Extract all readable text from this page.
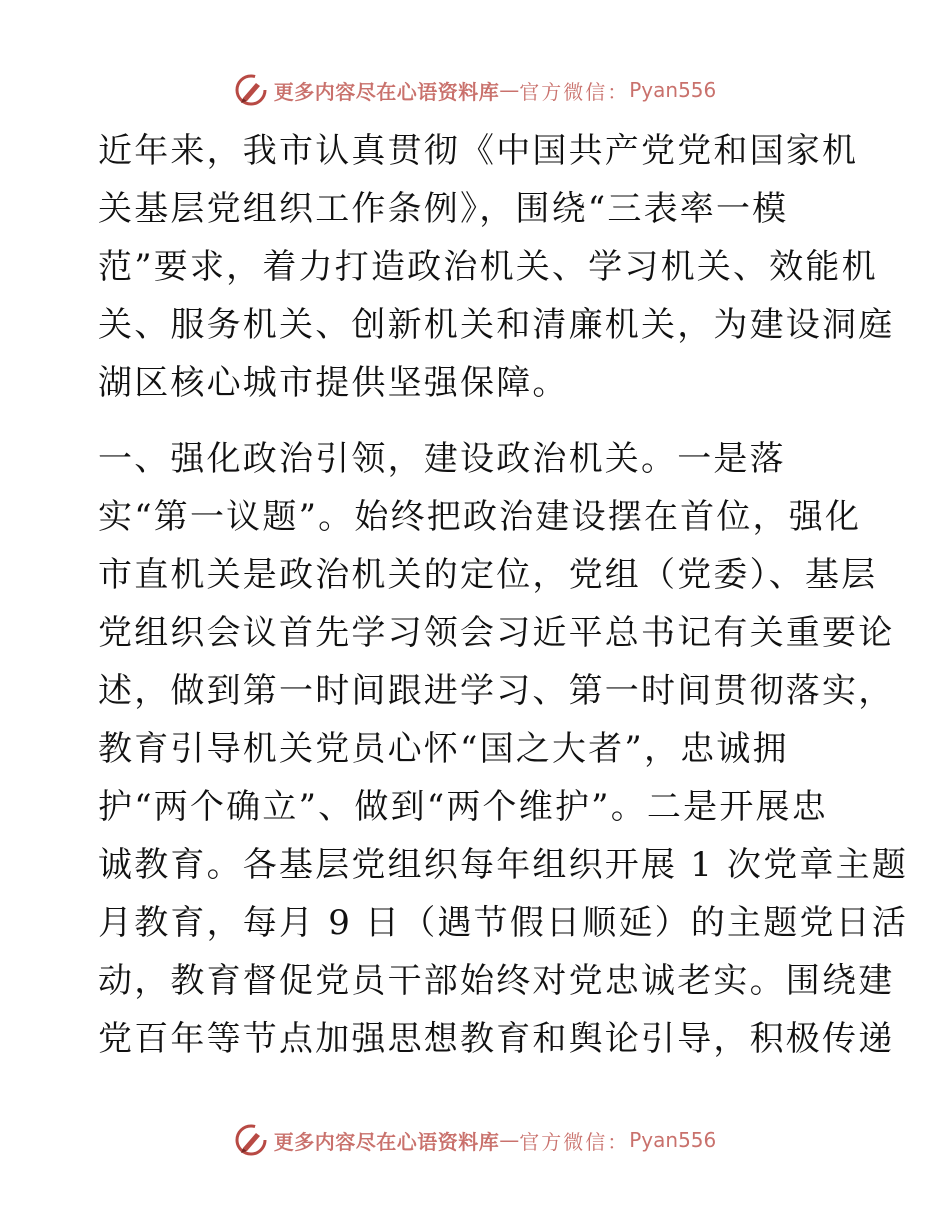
更多内容尽在心语资料库 — 官方微信： Pyan556
近年来，我市认真贯彻《中国共产党党和国家机
关基层党组织工作条例》，围绕“三表率一模
范”要求，着力打造政治机关、学习机关、效能机
关、服务机关、创新机关和清廉机关，为建设洞庭
湖区核心城市提供坚强保障。
一、强化政治引领，建设政治机关。一是落
实“第一议题”。始终把政治建设摆在首位，强化
市直机关是政治机关的定位，党组（党委）、基层
党组织会议首先学习领会习近平总书记有关重要论
述，做到第一时间跟进学习、第一时间贯彻落实，
教育引导机关党员心怀“国之大者”，忠诚拥
护“两个确立”、做到“两个维护”。二是开展忠
诚教育。各基层党组织每年组织开展 1 次党章主题
月教育，每月 9 日（遇节假日顺延）的主题党日活
动，教育督促党员干部始终对党忠诚老实。围绕建
党百年等节点加强思想教育和舆论引导，积极传递
更多内容尽在心语资料库 — 官方微信： Pyan556
